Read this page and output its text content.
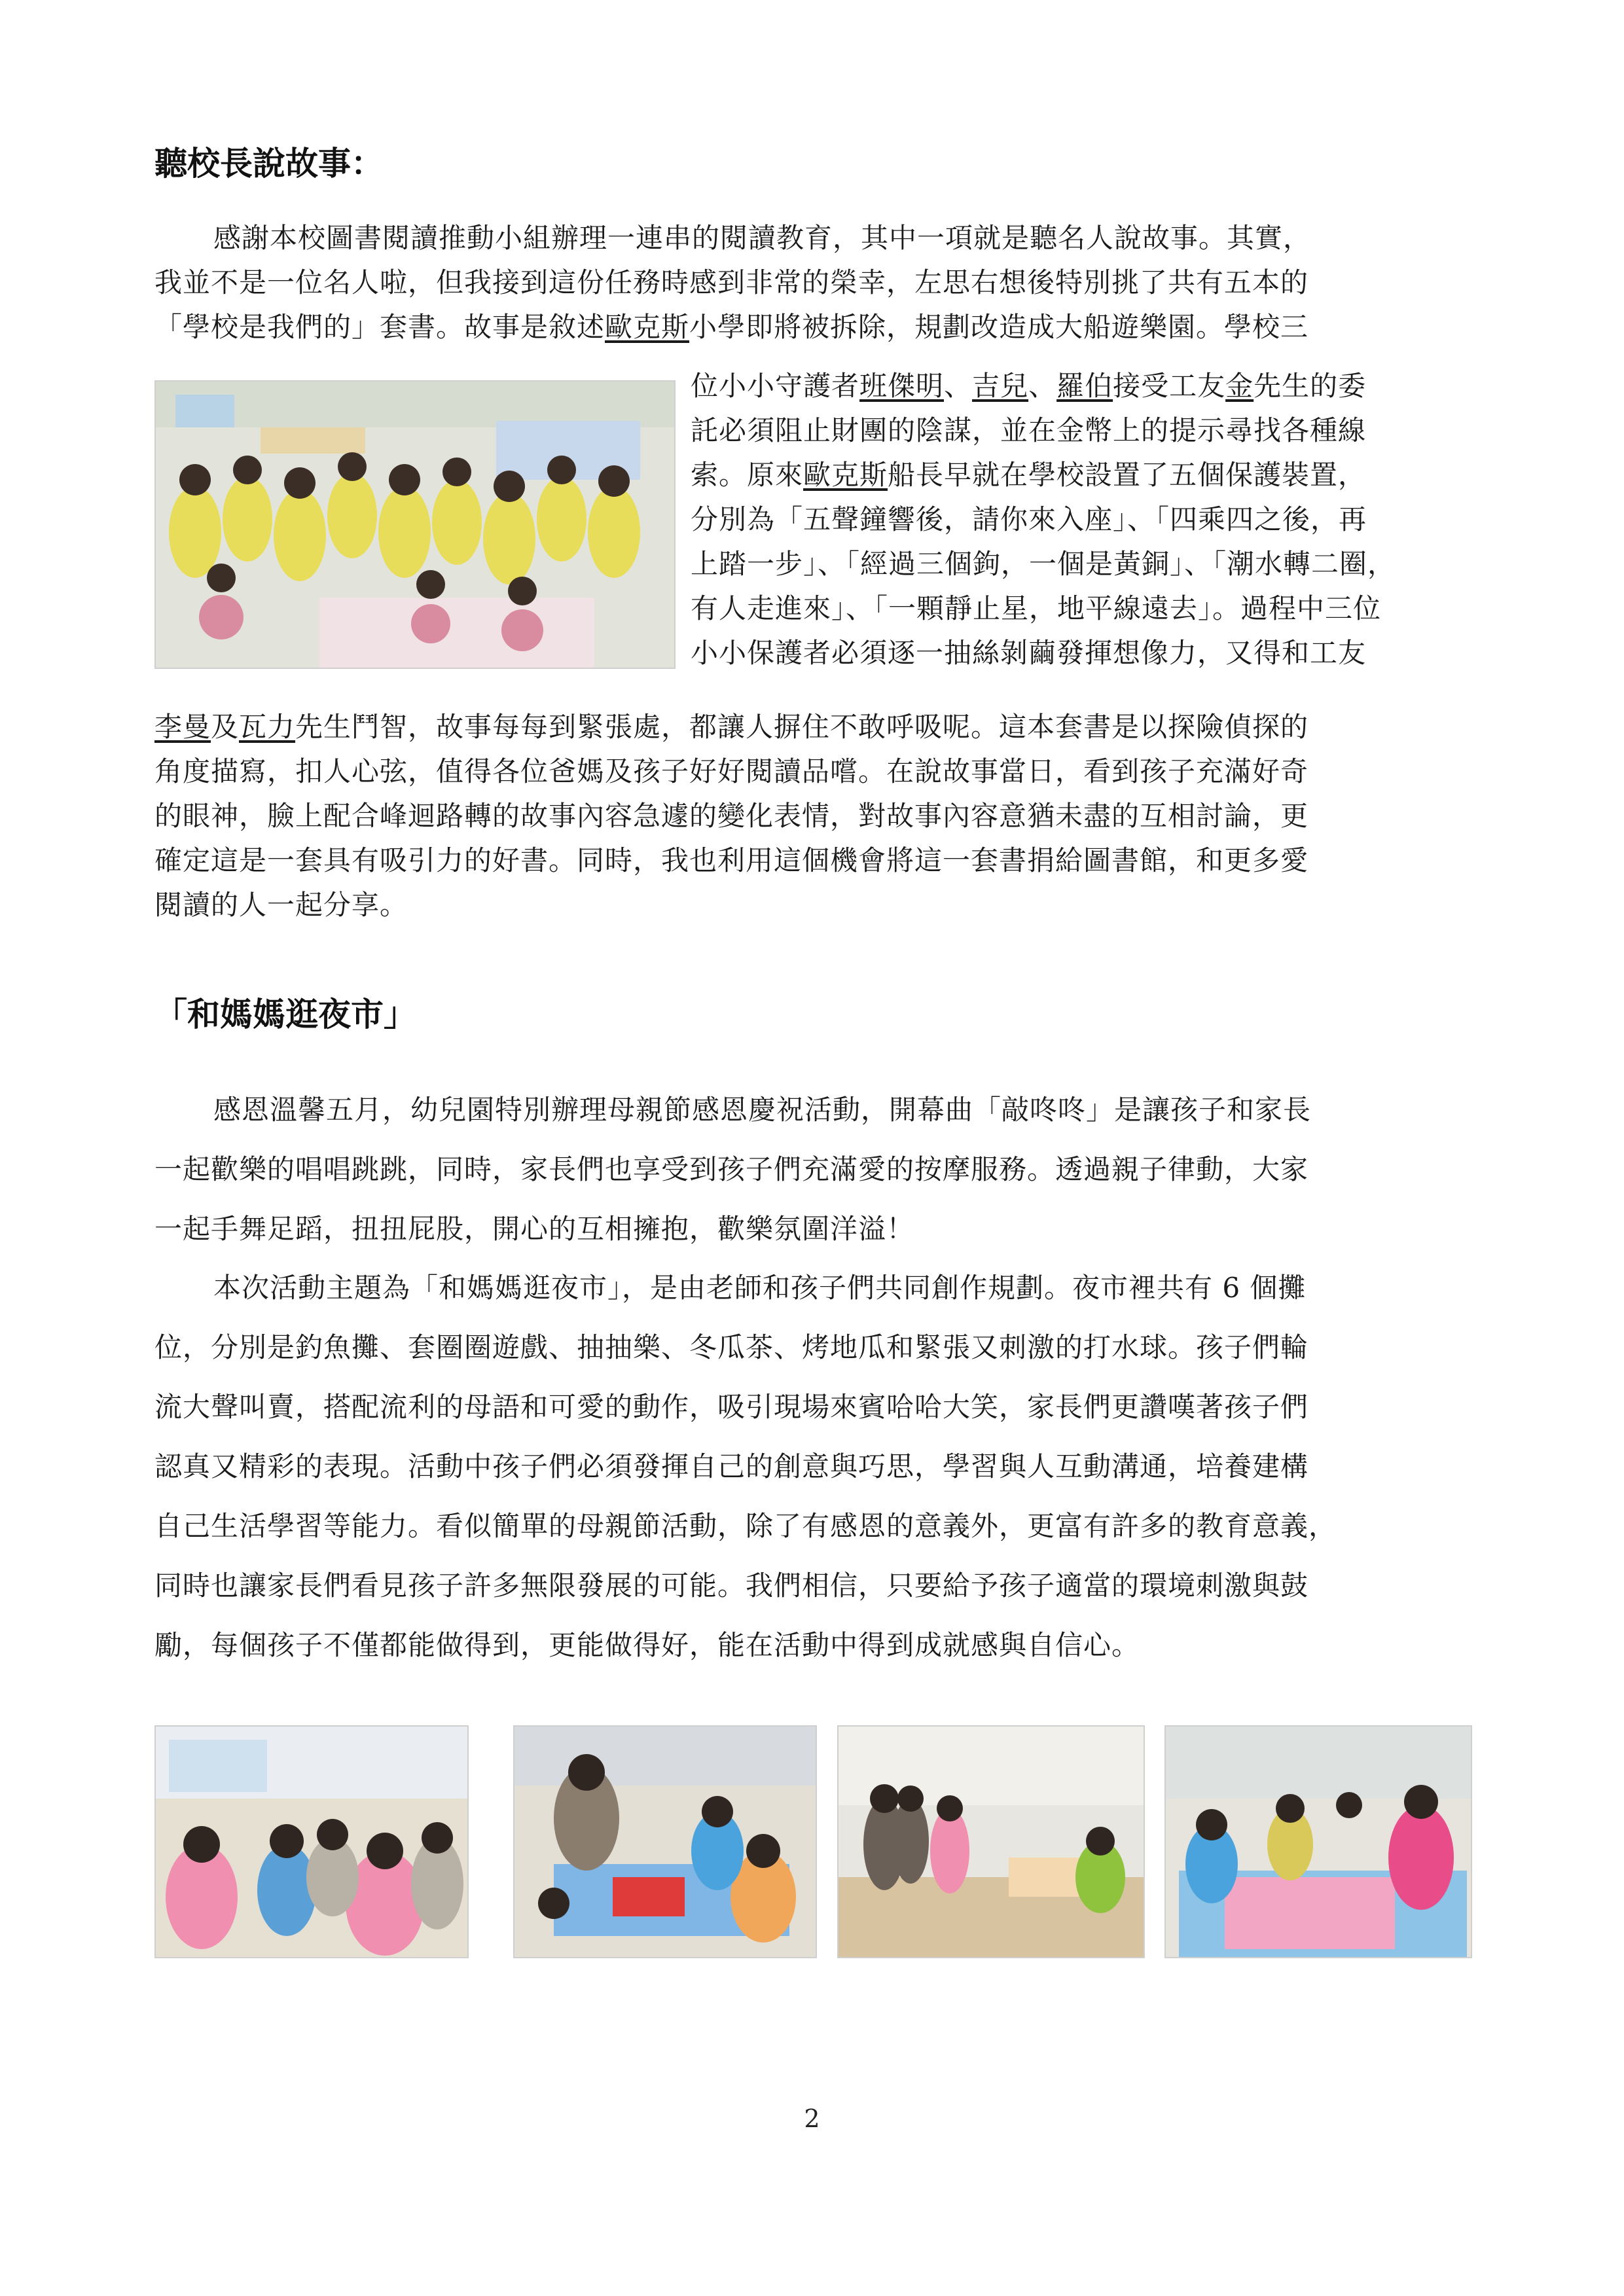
聽校長說故事：
感謝本校圖書閱讀推動小組辦理一連串的閱讀教育，其中一項就是聽名人說故事。其實，
我並不是一位名人啦，但我接到這份任務時感到非常的榮幸，左思右想後特別挑了共有五本的
「學校是我們的」套書。故事是敘述歐克斯小學即將被拆除，規劃改造成大船遊樂園。學校三
位小小守護者班傑明、吉兒、羅伯接受工友金先生的委
託必須阻止財團的陰謀，並在金幣上的提示尋找各種線
索。原來歐克斯船長早就在學校設置了五個保護裝置，
分別為「五聲鐘響後，請你來入座」、「四乘四之後，再
上踏一步」、「經過三個鉤，一個是黃銅」、「潮水轉二圈，
有人走進來」、「一顆靜止星，地平線遠去」。過程中三位
小小保護者必須逐一抽絲剝繭發揮想像力，又得和工友
李曼及瓦力先生鬥智，故事每每到緊張處，都讓人摒住不敢呼吸呢。這本套書是以探險偵探的
角度描寫，扣人心弦，值得各位爸媽及孩子好好閱讀品嚐。在說故事當日，看到孩子充滿好奇
的眼神，臉上配合峰迴路轉的故事內容急遽的變化表情，對故事內容意猶未盡的互相討論，更
確定這是一套具有吸引力的好書。同時，我也利用這個機會將這一套書捐給圖書館，和更多愛
閱讀的人一起分享。
「和媽媽逛夜市」
感恩溫馨五月，幼兒園特別辦理母親節感恩慶祝活動，開幕曲「敲咚咚」是讓孩子和家長
一起歡樂的唱唱跳跳，同時，家長們也享受到孩子們充滿愛的按摩服務。透過親子律動，大家
一起手舞足蹈，扭扭屁股，開心的互相擁抱，歡樂氛圍洋溢！
本次活動主題為「和媽媽逛夜市」，是由老師和孩子們共同創作規劃。夜市裡共有 6 個攤
位，分別是釣魚攤、套圈圈遊戲、抽抽樂、冬瓜茶、烤地瓜和緊張又刺激的打水球。孩子們輪
流大聲叫賣，搭配流利的母語和可愛的動作，吸引現場來賓哈哈大笑，家長們更讚嘆著孩子們
認真又精彩的表現。活動中孩子們必須發揮自己的創意與巧思，學習與人互動溝通，培養建構
自己生活學習等能力。看似簡單的母親節活動，除了有感恩的意義外，更富有許多的教育意義，
同時也讓家長們看見孩子許多無限發展的可能。我們相信，只要給予孩子適當的環境刺激與鼓
勵，每個孩子不僅都能做得到，更能做得好，能在活動中得到成就感與自信心。
2
